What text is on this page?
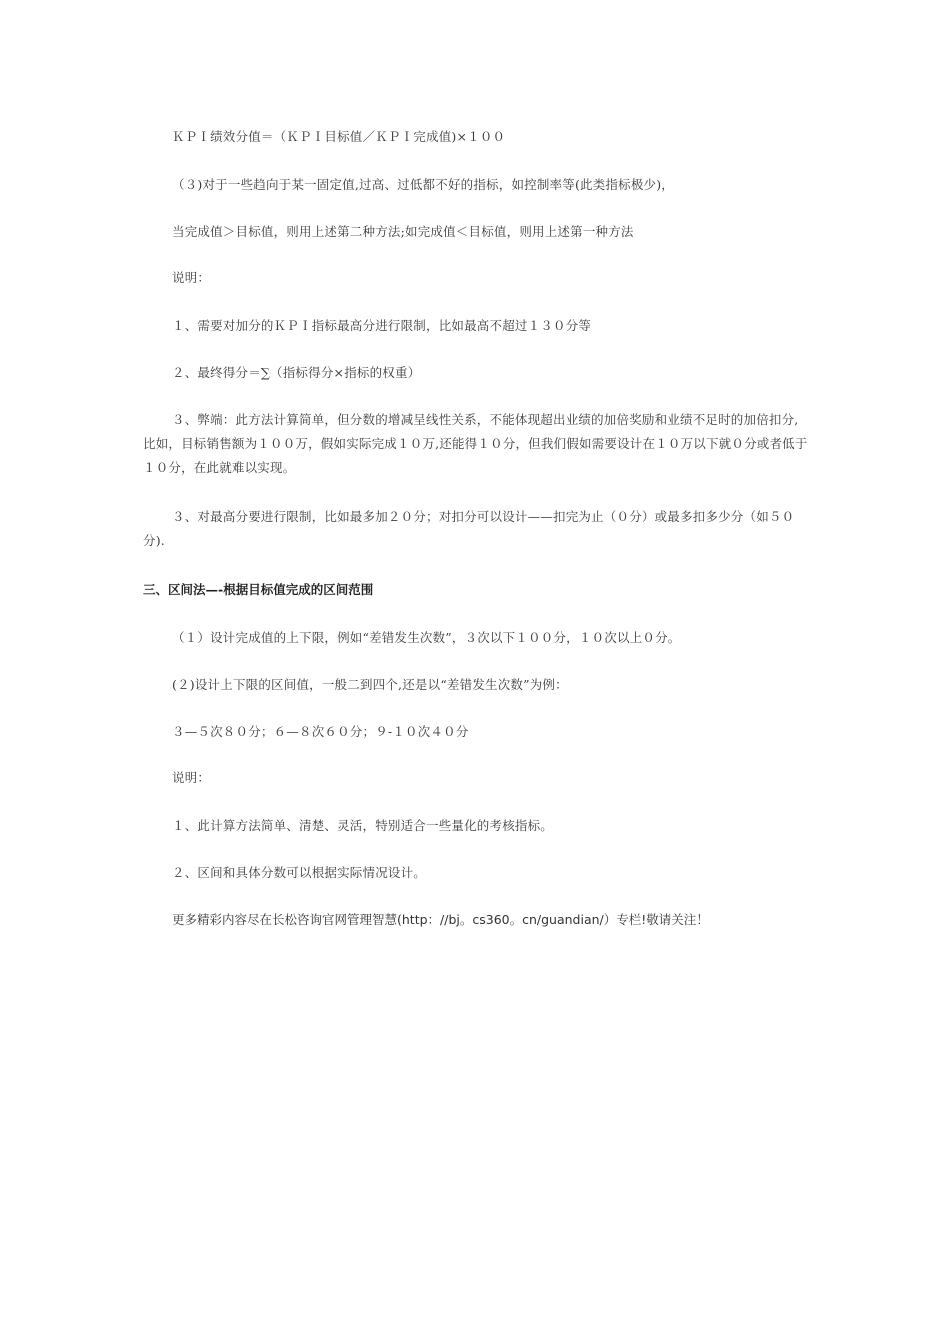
ＫＰＩ绩效分值＝（ＫＰＩ目标值／ＫＰＩ完成值)×１００
（３)对于一些趋向于某一固定值,过高、过低都不好的指标，如控制率等(此类指标极少)，
当完成值＞目标值，则用上述第二种方法;如完成值＜目标值，则用上述第一种方法
说明：
１、需要对加分的ＫＰＩ指标最高分进行限制，比如最高不超过１３０分等
２、最终得分＝∑（指标得分×指标的权重）
３、弊端：此方法计算简单，但分数的增减呈线性关系，不能体现超出业绩的加倍奖励和业绩不足时的加倍扣分,比如，目标销售额为１００万，假如实际完成１０万,还能得１０分，但我们假如需要设计在１０万以下就０分或者低于１０分，在此就难以实现。
３、对最高分要进行限制，比如最多加２０分；对扣分可以设计——扣完为止（０分）或最多扣多少分（如５０分).
三、区间法—-根据目标值完成的区间范围
（１）设计完成值的上下限，例如“差错发生次数”，３次以下１００分，１０次以上０分。
(２)设计上下限的区间值，一般二到四个,还是以“差错发生次数”为例：
３—５次８０分；６—８次６０分；９-１０次４０分
说明：
１、此计算方法简单、清楚、灵活，特别适合一些量化的考核指标。
２、区间和具体分数可以根据实际情况设计。
更多精彩内容尽在长松咨询官网管理智慧(http：//bj。cs360。cn/guandian/）专栏!敬请关注！
